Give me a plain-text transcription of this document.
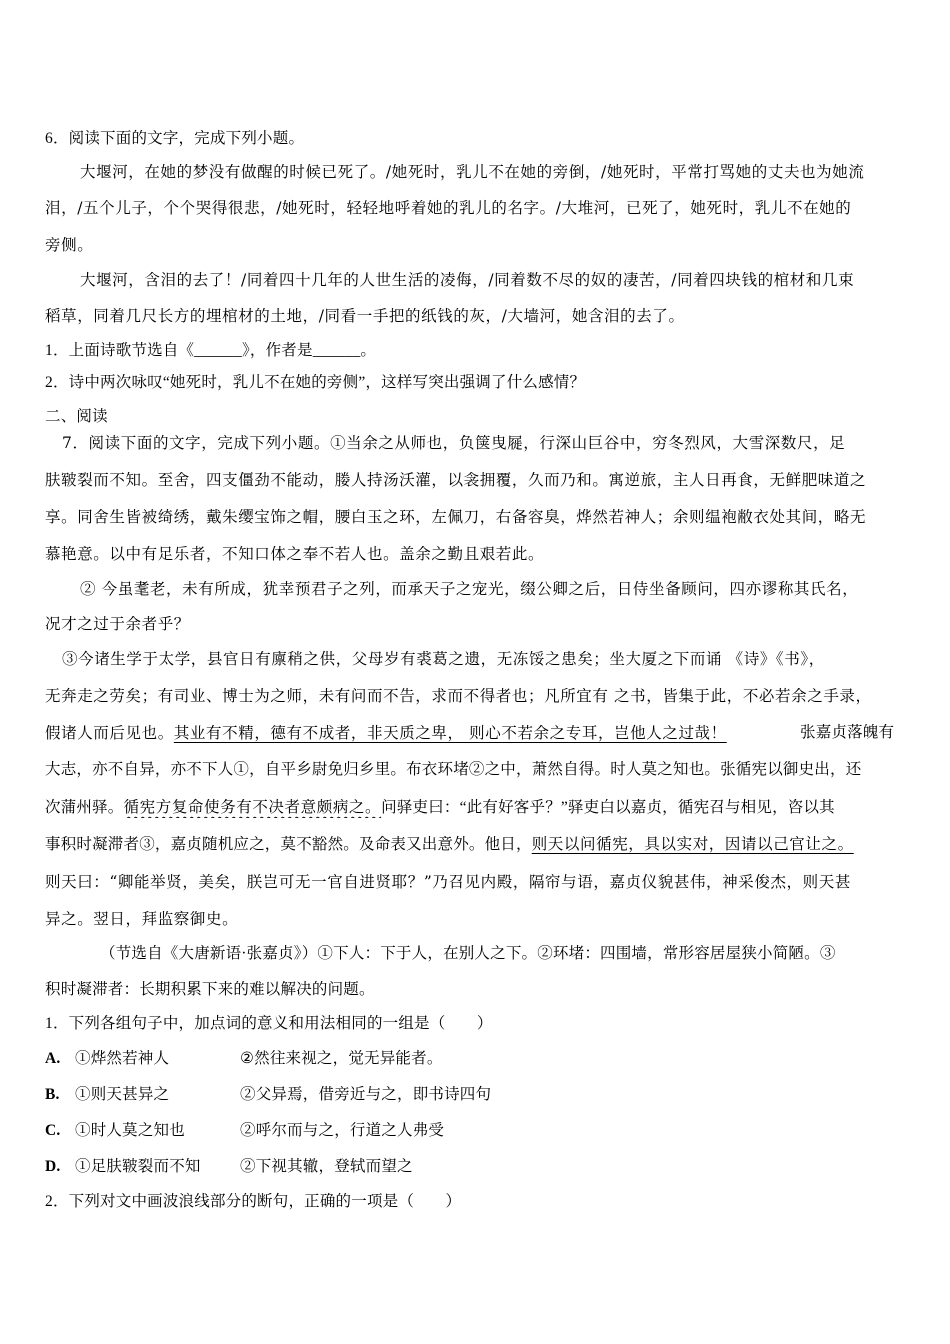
6．阅读下面的文字，完成下列小题。
大堰河，在她的梦没有做醒的时候已死了。/她死时，乳儿不在她的旁倒，/她死时，平常打骂她的丈夫也为她流
泪，/五个儿子，个个哭得很悲，/她死时，轻轻地呼着她的乳儿的名字。/大堆河，已死了，她死时，乳儿不在她的
旁侧。
大堰河，含泪的去了！/同着四十几年的人世生活的凌侮，/同着数不尽的奴的凄苦，/同着四块钱的棺材和几束
稻草，同着几尺长方的埋棺材的土地，/同看一手把的纸钱的灰，/大墙河，她含泪的去了。
1．上面诗歌节选自《______》，作者是______。
2．诗中两次咏叹“她死时，乳儿不在她的旁侧”，这样写突出强调了什么感情？
二、阅读
7．阅读下面的文字，完成下列小题。①当余之从师也，负箧曳屣，行深山巨谷中，穷冬烈风，大雪深数尺，足
肤皲裂而不知。至舍，四支僵劲不能动，媵人持汤沃灌，以衾拥覆，久而乃和。寓逆旅，主人日再食，无鲜肥味道之
享。同舍生皆被绮绣，戴朱缨宝饰之帽，腰白玉之环，左佩刀，右备容臭，烨然若神人；余则缊袍敝衣处其间，略无
慕艳意。以中有足乐者，不知口体之奉不若人也。盖余之勤且艰若此。
② 今虽耄老，未有所成，犹幸预君子之列，而承天子之宠光，缀公卿之后，日侍坐备顾问，四亦谬称其氏名，
况才之过于余者乎？
③今诸生学于太学，县官日有廪稍之供，父母岁有裘葛之遗，无冻馁之患矣；坐大厦之下而诵 《诗》《书》，
无奔走之劳矣；有司业、博士为之师，未有问而不告，求而不得者也；凡所宜有 之书，皆集于此，不必若余之手录，
假诸人而后见也。其业有不精，德有不成者，非天质之卑， 则心不若余之专耳，岂他人之过哉！	张嘉贞落魄有
大志，亦不自异，亦不下人①，自平乡尉免归乡里。布衣环堵②之中，萧然自得。时人莫之知也。张循宪以御史出，还
次蒲州驿。循宪方复命使务有不决者意颇病之。问驿吏曰：“此有好客乎？”驿吏白以嘉贞，循宪召与相见，咨以其
事积时凝滞者③，嘉贞随机应之，莫不豁然。及命表又出意外。他日，则天以问循宪，具以实对，因请以己官让之。
则天曰：“卿能举贤，美矣，朕岂可无一官自进贤耶？”乃召见内殿，隔帘与语，嘉贞仪貌甚伟，神采俊杰，则天甚
异之。翌日，拜监察御史。
（节选自《大唐新语·张嘉贞》）①下人：下于人，在别人之下。②环堵：四围墙，常形容居屋狭小简陋。③
积时凝滞者：长期积累下来的难以解决的问题。
1．下列各组句子中，加点词的意义和用法相同的一组是（　　）
A. ①烨然若神人	②然往来视之，觉无异能者。
B. ①则天甚异之	②父异焉，借旁近与之，即书诗四句
C. ①时人莫之知也	②呼尔而与之，行道之人弗受
D. ①足肤皲裂而不知	②下视其辙，登轼而望之
2．下列对文中画波浪线部分的断句，正确的一项是（　　）
